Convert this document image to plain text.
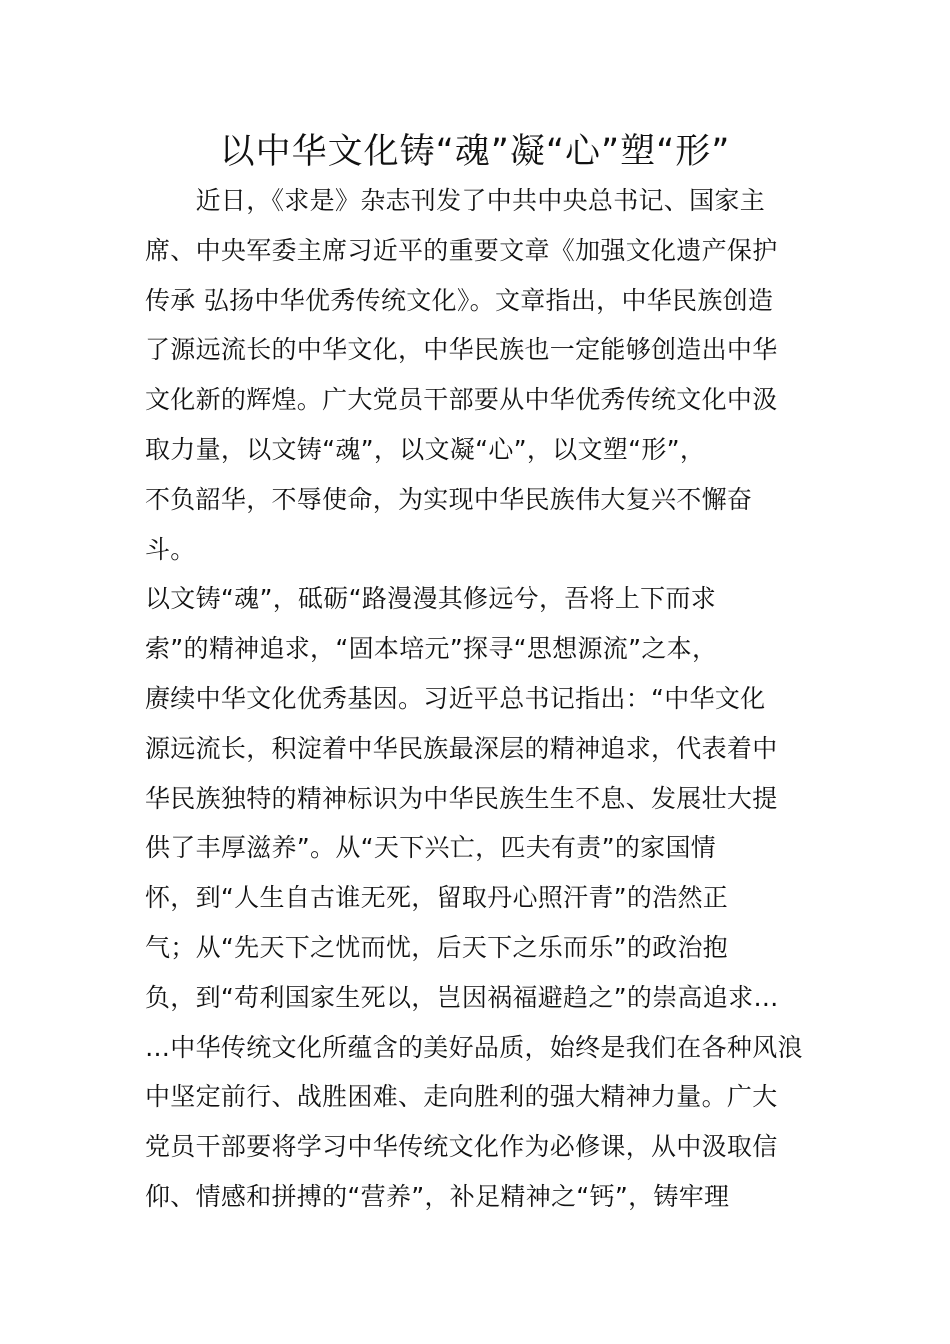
以中华文化铸“魂”凝“心”塑“形”
　　近日，《求是》杂志刊发了中共中央总书记、国家主
席、中央军委主席习近平的重要文章《加强文化遗产保护
传承 弘扬中华优秀传统文化》。文章指出，中华民族创造
了源远流长的中华文化，中华民族也一定能够创造出中华
文化新的辉煌。广大党员干部要从中华优秀传统文化中汲
取力量，以文铸“魂”，以文凝“心”，以文塑“形”，
不负韶华，不辱使命，为实现中华民族伟大复兴不懈奋
斗。
以文铸“魂”，砥砺“路漫漫其修远兮，吾将上下而求
索”的精神追求，“固本培元”探寻“思想源流”之本，
赓续中华文化优秀基因。习近平总书记指出：“中华文化
源远流长，积淀着中华民族最深层的精神追求，代表着中
华民族独特的精神标识为中华民族生生不息、发展壮大提
供了丰厚滋养”。从“天下兴亡，匹夫有责”的家国情
怀，到“人生自古谁无死，留取丹心照汗青”的浩然正
气；从“先天下之忧而忧，后天下之乐而乐”的政治抱
负，到“苟利国家生死以，岂因祸福避趋之”的崇高追求…
…中华传统文化所蕴含的美好品质，始终是我们在各种风浪
中坚定前行、战胜困难、走向胜利的强大精神力量。广大
党员干部要将学习中华传统文化作为必修课，从中汲取信
仰、情感和拼搏的“营养”，补足精神之“钙”，铸牢理
